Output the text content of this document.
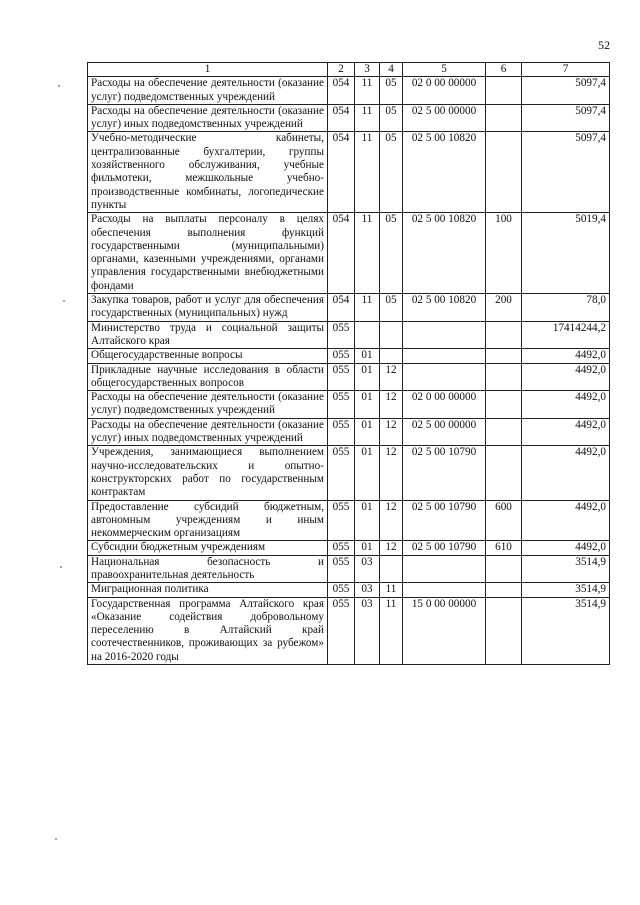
52
1	2	3	4	5	6	7
Расходы на обеспечение деятельности (оказание услуг) подведомственных учреждений	054	11	05	02 0 00 00000		5097,4
Расходы на обеспечение деятельности (оказание услуг) иных подведомственных учреждений	054	11	05	02 5 00 00000		5097,4
Учебно-методические кабинеты, централизованные бухгалтерии, группы хозяйственного обслуживания, учебные фильмотеки, межшкольные учебно-производственные комбинаты, логопедические пункты	054	11	05	02 5 00 10820		5097,4
Расходы на выплаты персоналу в целях обеспечения выполнения функций государственными (муниципальными) органами, казенными учреждениями, органами управления государственными внебюджетными фондами	054	11	05	02 5 00 10820	100	5019,4
Закупка товаров, работ и услуг для обеспечения государственных (муниципальных) нужд	054	11	05	02 5 00 10820	200	78,0
Министерство труда и социальной защиты Алтайского края	055					17414244,2
Общегосударственные вопросы	055	01				4492,0
Прикладные научные исследования в области общегосударственных вопросов	055	01	12			4492,0
Расходы на обеспечение деятельности (оказание услуг) подведомственных учреждений	055	01	12	02 0 00 00000		4492,0
Расходы на обеспечение деятельности (оказание услуг) иных подведомственных учреждений	055	01	12	02 5 00 00000		4492,0
Учреждения, занимающиеся выполнением научно-исследовательских и опытно-конструкторских работ по государственным контрактам	055	01	12	02 5 00 10790		4492,0
Предоставление субсидий бюджетным, автономным учреждениям и иным некоммерческим организациям	055	01	12	02 5 00 10790	600	4492,0
Субсидии бюджетным учреждениям	055	01	12	02 5 00 10790	610	4492,0
Национальная безопасность и правоохранительная деятельность	055	03				3514,9
Миграционная политика	055	03	11			3514,9
Государственная программа Алтайского края «Оказание содействия добровольному переселению в Алтайский край соотечественников, проживающих за рубежом» на 2016-2020 годы	055	03	11	15 0 00 00000		3514,9
